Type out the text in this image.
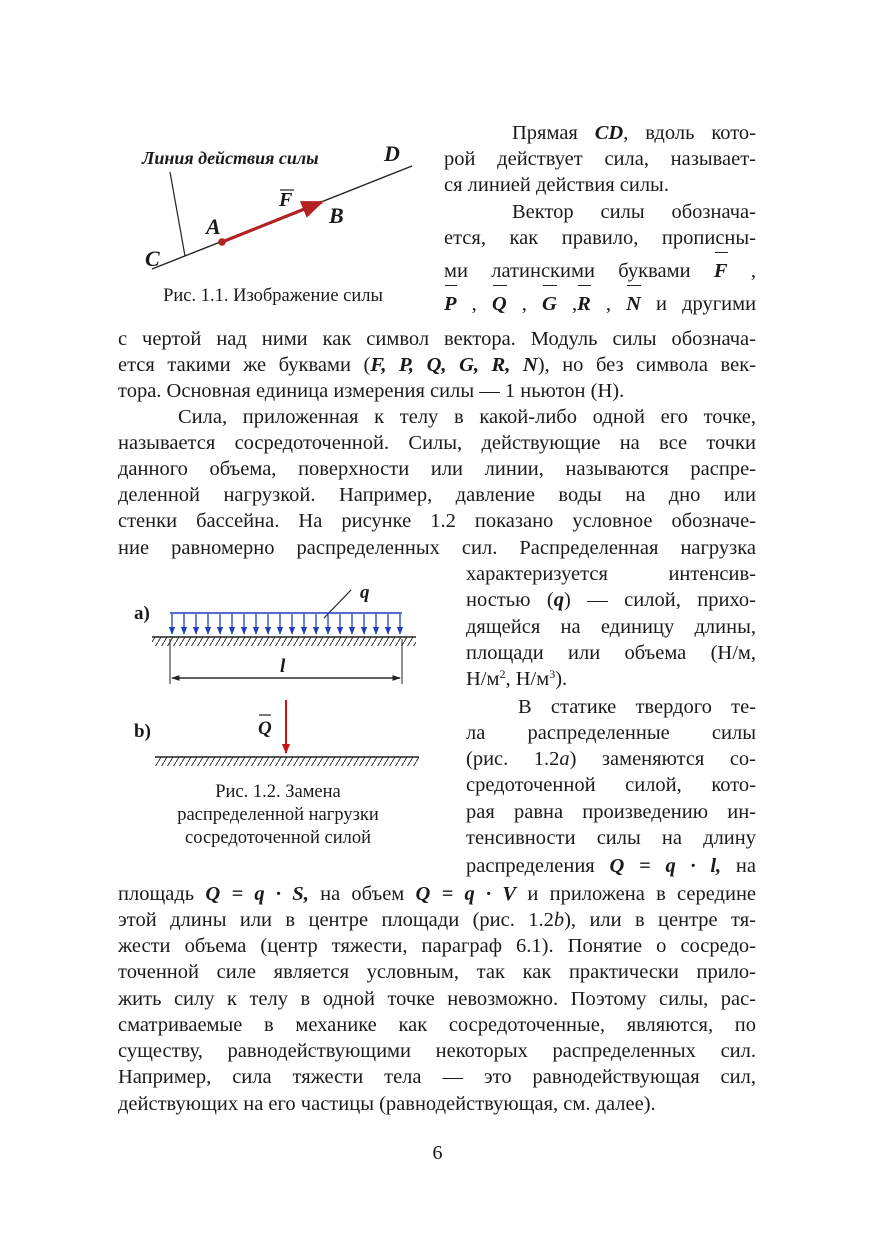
Линия действия силы	D
F
A	B
C
Рис. 1.1. Изображение силы
Прямая CD, вдоль кото-
рой действует сила, называет-
ся линией действия силы.
Вектор силы обознача-
ется, как правило, прописны-
ми латинскими буквами F ,
P , Q , G ,R , N и другими
с чертой над ними как символ вектора. Модуль силы обознача-
ется такими же буквами (F, P, Q, G, R, N), но без символа век-
тора. Основная единица измерения силы — 1 ньютон (Н).
Сила, приложенная к телу в какой-либо одной его точке,
называется сосредоточенной. Силы, действующие на все точки
данного объема, поверхности или линии, называются распре-
деленной нагрузкой. Например, давление воды на дно или
стенки бассейна. На рисунке 1.2 показано условное обозначе-
ние равномерно распределенных сил. Распределенная нагрузка
a)
q
l
b)	Q
Рис. 1.2. Замена
распределенной нагрузки
сосредоточенной силой
характеризуется интенсив-
ностью (q) — силой, прихо-
дящейся на единицу длины,
площади или объема (Н/м,
$Н/м^2$, $Н/м^3$).
В статике твердого те-
ла распределенные силы
(рис. 1.2a) заменяются со-
средоточенной силой, кото-
рая равна произведению ин-
тенсивности силы на длину
распределения Q = q · l, на
площадь Q = q · S, на объем Q = q · V и приложена в середине
этой длины или в центре площади (рис. 1.2b), или в центре тя-
жести объема (центр тяжести, параграф 6.1). Понятие о сосредо-
точенной силе является условным, так как практически прило-
жить силу к телу в одной точке невозможно. Поэтому силы, рас-
сматриваемые в механике как сосредоточенные, являются, по
существу, равнодействующими некоторых распределенных сил.
Например, сила тяжести тела — это равнодействующая сил,
действующих на его частицы (равнодействующая, см. далее).
6
